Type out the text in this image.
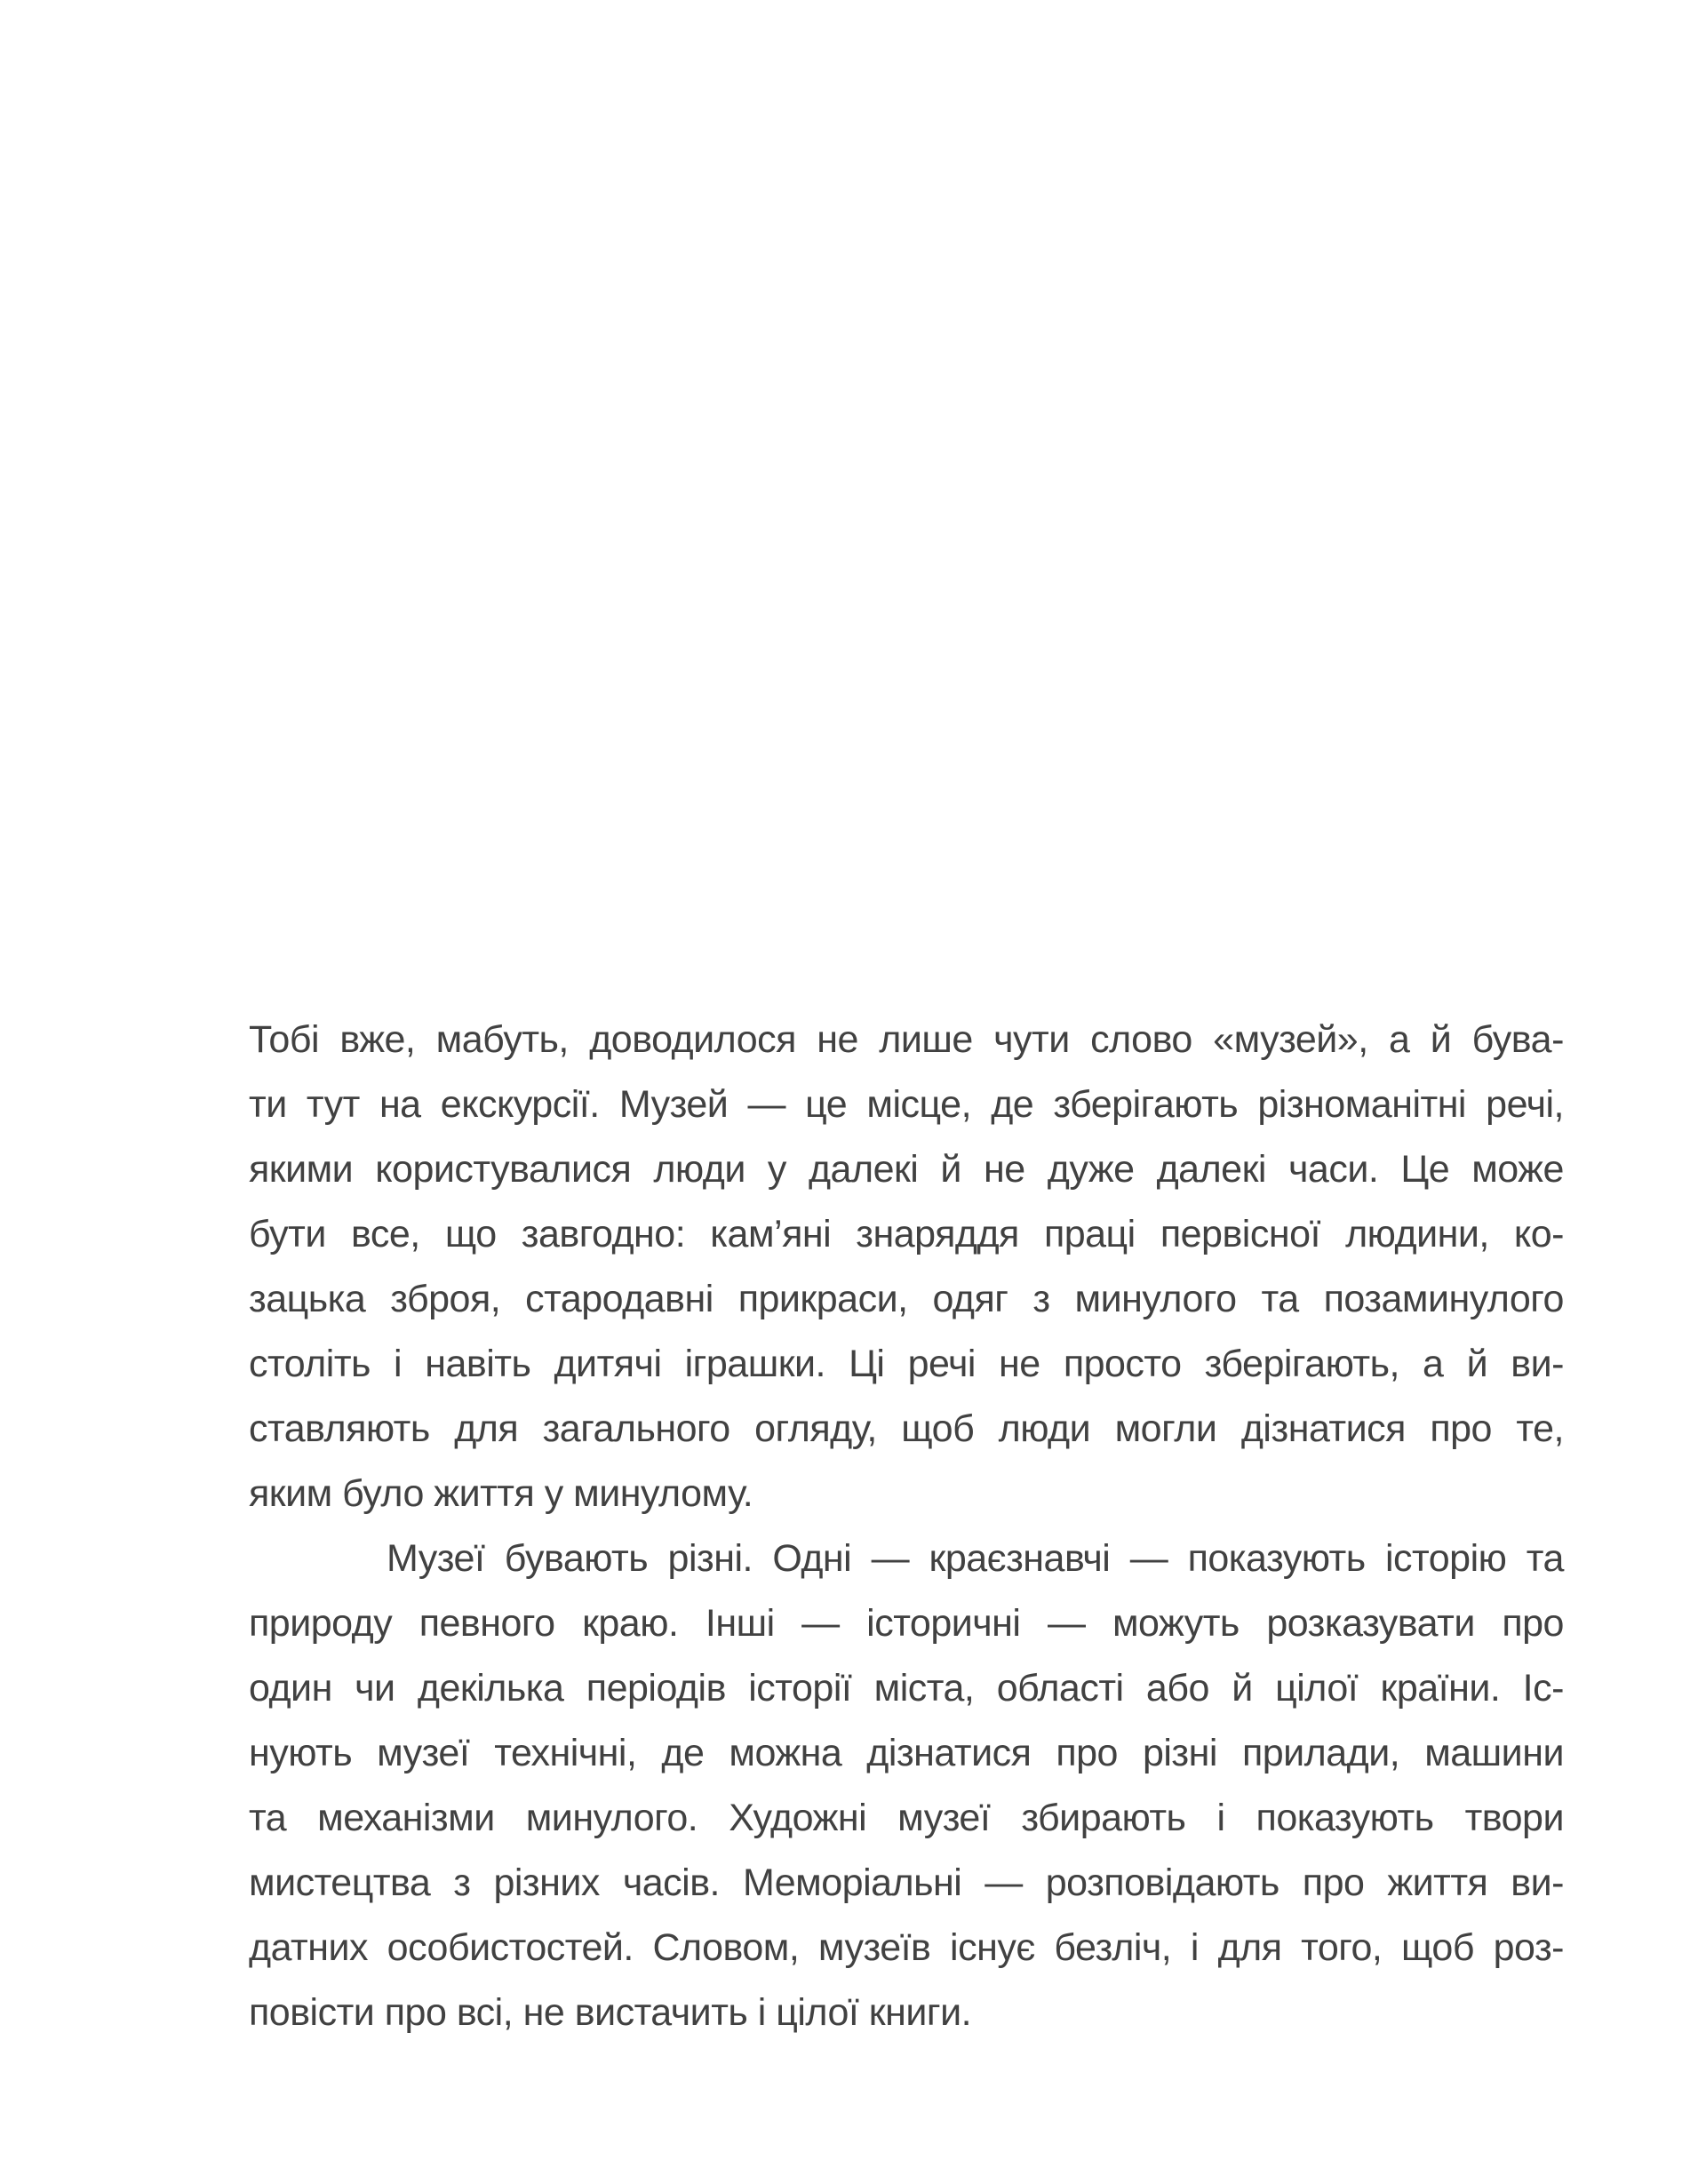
Тобі вже, мабуть, доводилося не лише чути слово «музей», а й бува-
ти тут на екскурсії. Музей — це місце, де зберігають різноманітні речі,
якими користувалися люди у далекі й не дуже далекі часи. Це може
бути все, що завгодно: кам’яні знаряддя праці первісної людини, ко-
зацька зброя, стародавні прикраси, одяг з минулого та позаминулого
століть і навіть дитячі іграшки. Ці речі не просто зберігають, а й ви-
ставляють для загального огляду, щоб люди могли дізнатися про те,
яким було життя у минулому.
Музеї бувають різні. Одні — краєзнавчі — показують історію та
природу певного краю. Інші — історичні — можуть розказувати про
один чи декілька періодів історії міста, області або й цілої країни. Іс-
нують музеї технічні, де можна дізнатися про різні прилади, машини
та механізми минулого. Художні музеї збирають і показують твори
мистецтва з різних часів. Меморіальні — розповідають про життя ви-
датних особистостей. Словом, музеїв існує безліч, і для того, щоб роз-
повісти про всі, не вистачить і цілої книги.
